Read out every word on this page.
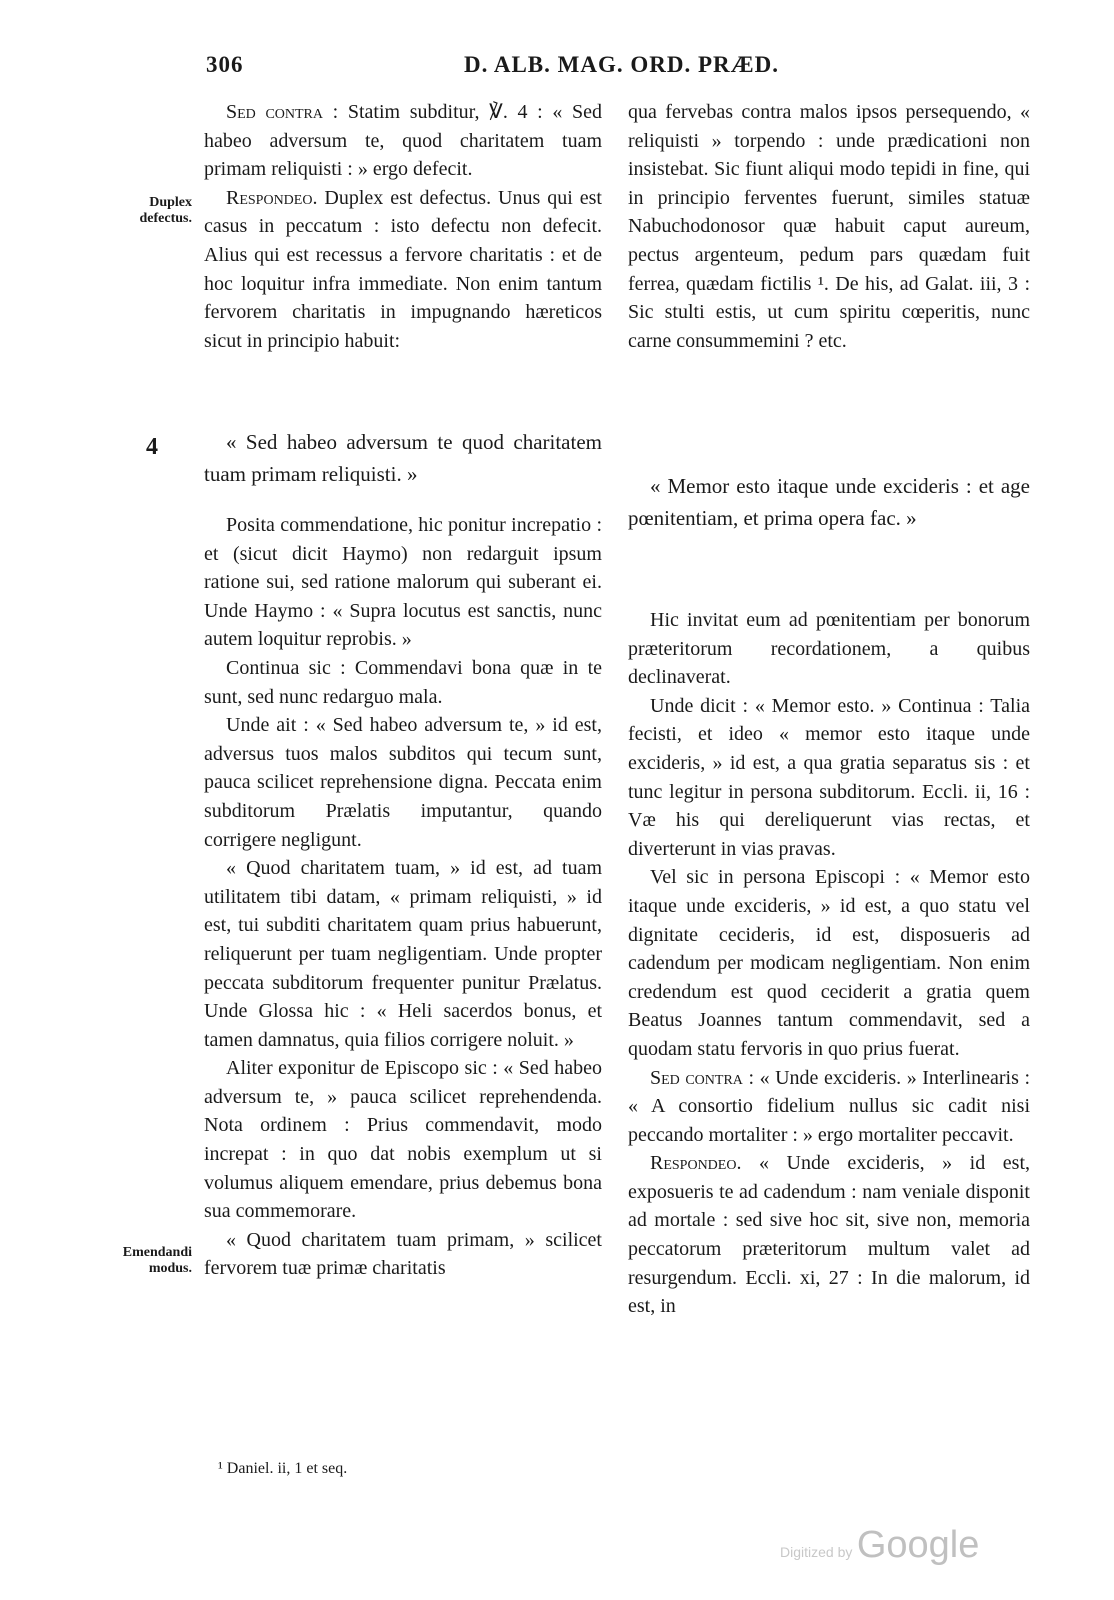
306	D. ALB. MAG. ORD. PRÆD.

Sed contra : Statim subditur, ℣. 4 : « Sed habeo adversum te, quod charitatem tuam primam reliquisti : » ergo defecit.

Respondeo. Duplex est defectus. Unus qui est casus in peccatum : isto defectu non defecit. Alius qui est recessus a fervore charitatis : et de hoc loquitur infra immediate. Non enim tantum fervorem charitatis in impugnando hæreticos sicut in principio habuit:

Duplex defectus.
4
Emendandi modus.

« Sed habeo adversum te quod charitatem tuam primam reliquisti. »

Posita commendatione, hic ponitur increpatio : et (sicut dicit Haymo) non redarguit ipsum ratione sui, sed ratione malorum qui suberant ei. Unde Haymo : « Supra locutus est sanctis, nunc autem loquitur reprobis. »

Continua sic : Commendavi bona quæ in te sunt, sed nunc redarguo mala.

Unde ait : « Sed habeo adversum te, » id est, adversus tuos malos subditos qui tecum sunt, pauca scilicet reprehensione digna. Peccata enim subditorum Prælatis imputantur, quando corrigere negligunt.

« Quod charitatem tuam, » id est, ad tuam utilitatem tibi datam, « primam reliquisti, » id est, tui subditi charitatem quam prius habuerunt, reliquerunt per tuam negligentiam. Unde propter peccata subditorum frequenter punitur Prælatus. Unde Glossa hic : « Heli sacerdos bonus, et tamen damnatus, quia filios corrigere noluit. »

Aliter exponitur de Episcopo sic : « Sed habeo adversum te, » pauca scilicet reprehendenda. Nota ordinem : Prius commendavit, modo increpat : in quo dat nobis exemplum ut si volumus aliquem emendare, prius debemus bona sua commemorare.

« Quod charitatem tuam primam, » scilicet fervorem tuæ primæ charitatis

qua fervebas contra malos ipsos persequendo, « reliquisti » torpendo : unde prædicationi non insistebat. Sic fiunt aliqui modo tepidi in fine, qui in principio ferventes fuerunt, similes statuæ Nabuchodonosor quæ habuit caput aureum, pectus argenteum, pedum pars quædam fuit ferrea, quædam fictilis ¹. De his, ad Galat. iii, 3 : Sic stulti estis, ut cum spiritu cœperitis, nunc carne consummemini ? etc.

« Memor esto itaque unde excideris : et age pœnitentiam, et prima opera fac. »

Hic invitat eum ad pœnitentiam per bonorum præteritorum recordationem, a quibus declinaverat.

Unde dicit : « Memor esto. » Continua : Talia fecisti, et ideo « memor esto itaque unde excideris, » id est, a qua gratia separatus sis : et tunc legitur in persona subditorum. Eccli. ii, 16 : Væ his qui dereliquerunt vias rectas, et diverterunt in vias pravas.

Vel sic in persona Episcopi : « Memor esto itaque unde excideris, » id est, a quo statu vel dignitate cecideris, id est, disposueris ad cadendum per modicam negligentiam. Non enim credendum est quod ceciderit a gratia quem Beatus Joannes tantum commendavit, sed a quodam statu fervoris in quo prius fuerat.

Sed contra : « Unde excideris. » Interlinearis : « A consortio fidelium nullus sic cadit nisi peccando mortaliter : » ergo mortaliter peccavit.

Respondeo. « Unde excideris, » id est, exposueris te ad cadendum : nam veniale disponit ad mortale : sed sive hoc sit, sive non, memoria peccatorum præteritorum multum valet ad resurgendum. Eccli. xi, 27 : In die malorum, id est, in

¹ Daniel. ii, 1 et seq.
Digitized by Google
